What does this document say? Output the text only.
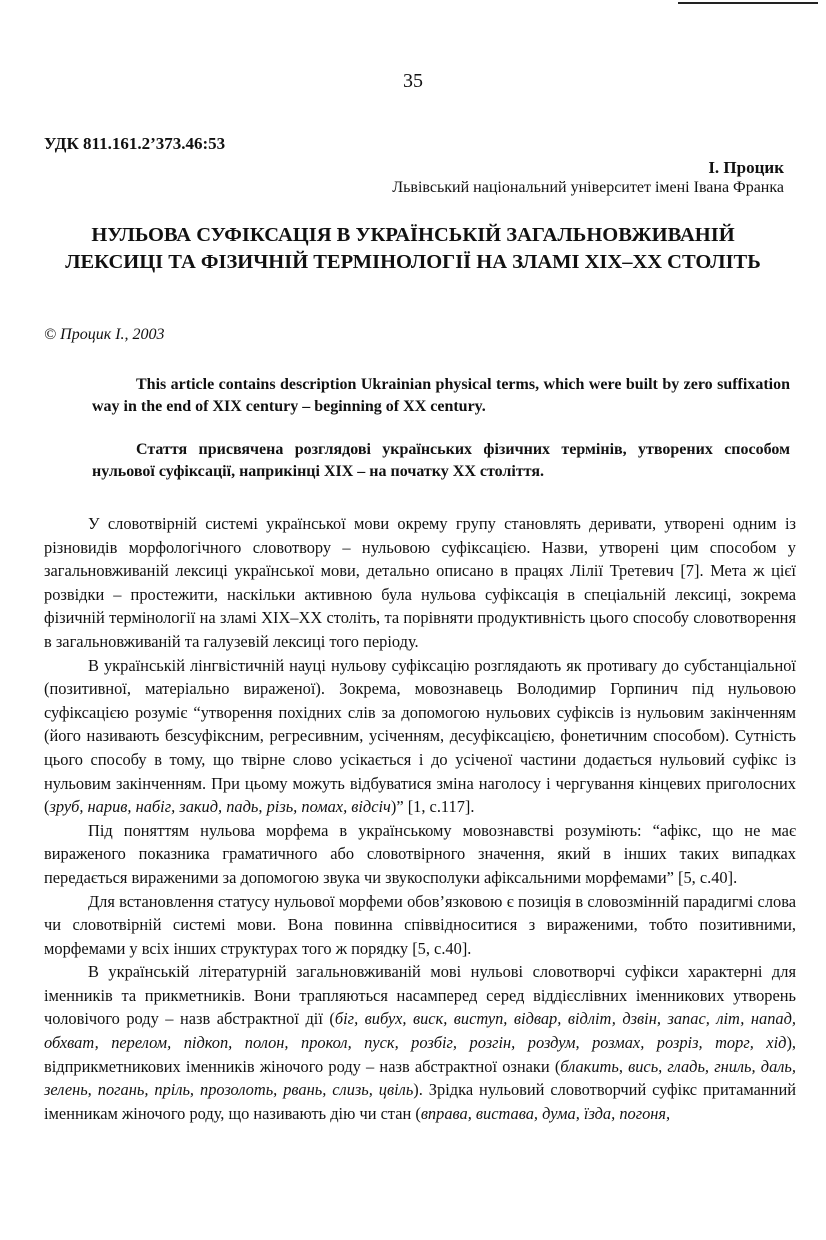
35
УДК 811.161.2’373.46:53
І. Процик
Львівський національний університет імені Івана Франка
НУЛЬОВА СУФІКСАЦІЯ В УКРАЇНСЬКІЙ ЗАГАЛЬНОВЖИВАНІЙ ЛЕКСИЦІ ТА ФІЗИЧНІЙ ТЕРМІНОЛОГІЇ НА ЗЛАМІ XIX–XX СТОЛІТЬ
© Процик І., 2003
This article contains description Ukrainian physical terms, which were built by zero suffixation way in the end of XIX century – beginning of XX century.
Стаття присвячена розглядові українських фізичних термінів, утворених способом нульової суфіксації, наприкінці XIX – на початку XX століття.

У словотвірній системі української мови окрему групу становлять деривати, утворені одним із різновидів морфологічного словотвору – нульовою суфіксацією. Назви, утворені цим способом у загальновживаній лексиці української мови, детально описано в працях Лілії Третевич [7]. Мета ж цієї розвідки – простежити, наскільки активною була нульова суфіксація в спеціальній лексиці, зокрема фізичній термінології на зламі XIX–XX століть, та порівняти продуктивність цього способу словотворення в загальновживаній та галузевій лексиці того періоду.

В українській лінгвістичній науці нульову суфіксацію розглядають як противагу до субстанціальної (позитивної, матеріально вираженої). Зокрема, мовознавець Володимир Горпинич під нульовою суфіксацією розуміє “утворення похідних слів за допомогою нульових суфіксів із нульовим закінченням (його називають безсуфіксним, регресивним, усіченням, десуфіксацією, фонетичним способом). Сутність цього способу в тому, що твірне слово усікається і до усіченої частини додається нульовий суфікс із нульовим закінченням. При цьому можуть відбуватися зміна наголосу і чергування кінцевих приголосних (зруб, нарив, набіг, закид, падь, різь, помах, відсіч)” [1, с.117].

Під поняттям нульова морфема в українському мовознавстві розуміють: “афікс, що не має вираженого показника граматичного або словотвірного значення, який в інших таких випадках передається вираженими за допомогою звука чи звукосполуки афіксальними морфемами” [5, с.40].

Для встановлення статусу нульової морфеми обов’язковою є позиція в словозмінній парадигмі слова чи словотвірній системі мови. Вона повинна співвідноситися з вираженими, тобто позитивними, морфемами у всіх інших структурах того ж порядку [5, с.40].

В українській літературній загальновживаній мові нульові словотворчі суфікси характерні для іменників та прикметників. Вони трапляються насамперед серед віддієслівних іменникових утворень чоловічого роду – назв абстрактної дії (біг, вибух, виск, виступ, відвар, відліт, дзвін, запас, літ, напад, обхват, перелом, підкоп, полон, прокол, пуск, розбіг, розгін, роздум, розмах, розріз, торг, хід), відприкметникових іменників жіночого роду – назв абстрактної ознаки (блакить, вись, гладь, гниль, даль, зелень, погань, пріль, прозолоть, рвань, слизь, цвіль). Зрідка нульовий словотворчий суфікс притаманний іменникам жіночого роду, що називають дію чи стан (вправа, вистава, дума, їзда, погоня,
